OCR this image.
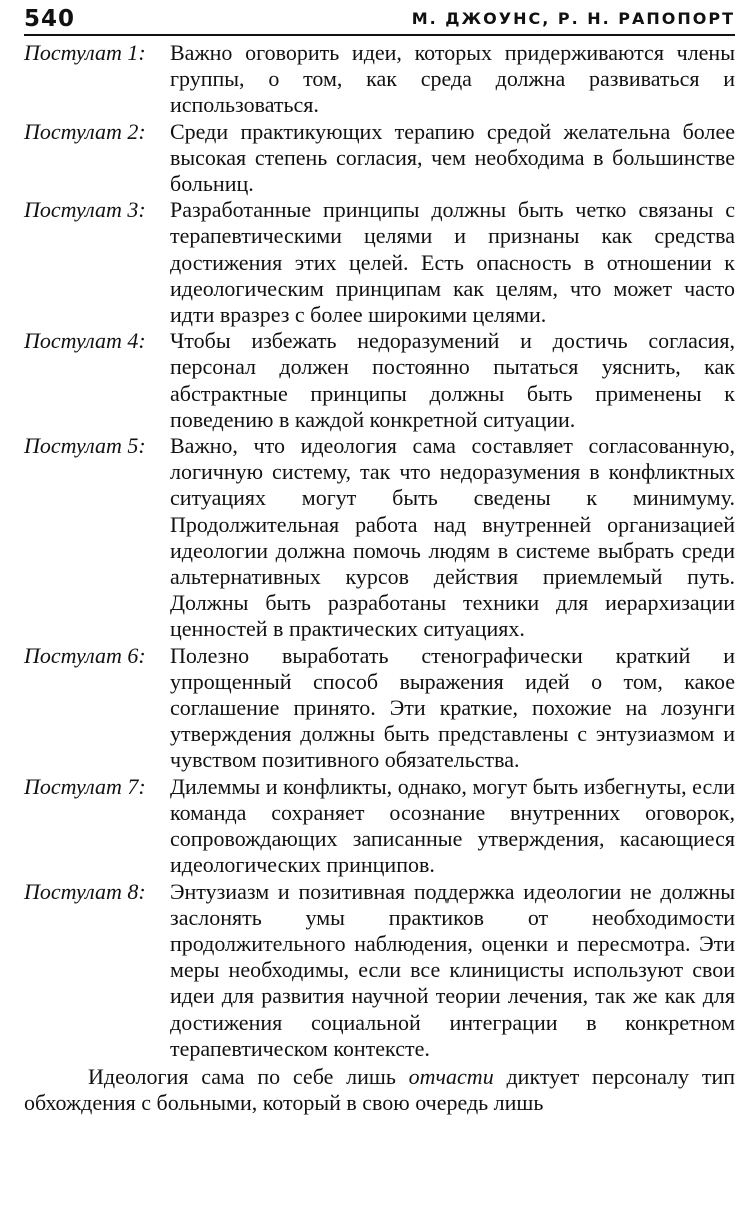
540	М. ДЖОУНС, Р. Н. РАПОПОРТ
Постулат 1:	Важно оговорить идеи, которых придерживаются члены группы, о том, как среда должна развиваться и использоваться.
Постулат 2:	Среди практикующих терапию средой желательна более высокая степень согласия, чем необходима в большинстве больниц.
Постулат 3:	Разработанные принципы должны быть четко связаны с терапевтическими целями и признаны как средства достижения этих целей. Есть опасность в отношении к идеологическим принципам как целям, что может часто идти вразрез с более широкими целями.
Постулат 4:	Чтобы избежать недоразумений и достичь согласия, персонал должен постоянно пытаться уяснить, как абстрактные принципы должны быть применены к поведению в каждой конкретной ситуации.
Постулат 5:	Важно, что идеология сама составляет согласованную, логичную систему, так что недоразумения в конфликтных ситуациях могут быть сведены к минимуму. Продолжительная работа над внутренней организацией идеологии должна помочь людям в системе выбрать среди альтернативных курсов действия приемлемый путь. Должны быть разработаны техники для иерархизации ценностей в практических ситуациях.
Постулат 6:	Полезно выработать стенографически краткий и упрощенный способ выражения идей о том, какое соглашение принято. Эти краткие, похожие на лозунги утверждения должны быть представлены с энтузиазмом и чувством позитивного обязательства.
Постулат 7:	Дилеммы и конфликты, однако, могут быть избегнуты, если команда сохраняет осознание внутренних оговорок, сопровождающих записанные утверждения, касающиеся идеологических принципов.
Постулат 8:	Энтузиазм и позитивная поддержка идеологии не должны заслонять умы практиков от необходимости продолжительного наблюдения, оценки и пересмотра. Эти меры необходимы, если все клиницисты используют свои идеи для развития научной теории лечения, так же как для достижения социальной интеграции в конкретном терапевтическом контексте.

Идеология сама по себе лишь отчасти диктует персоналу тип обхождения с больными, который в свою очередь лишь
